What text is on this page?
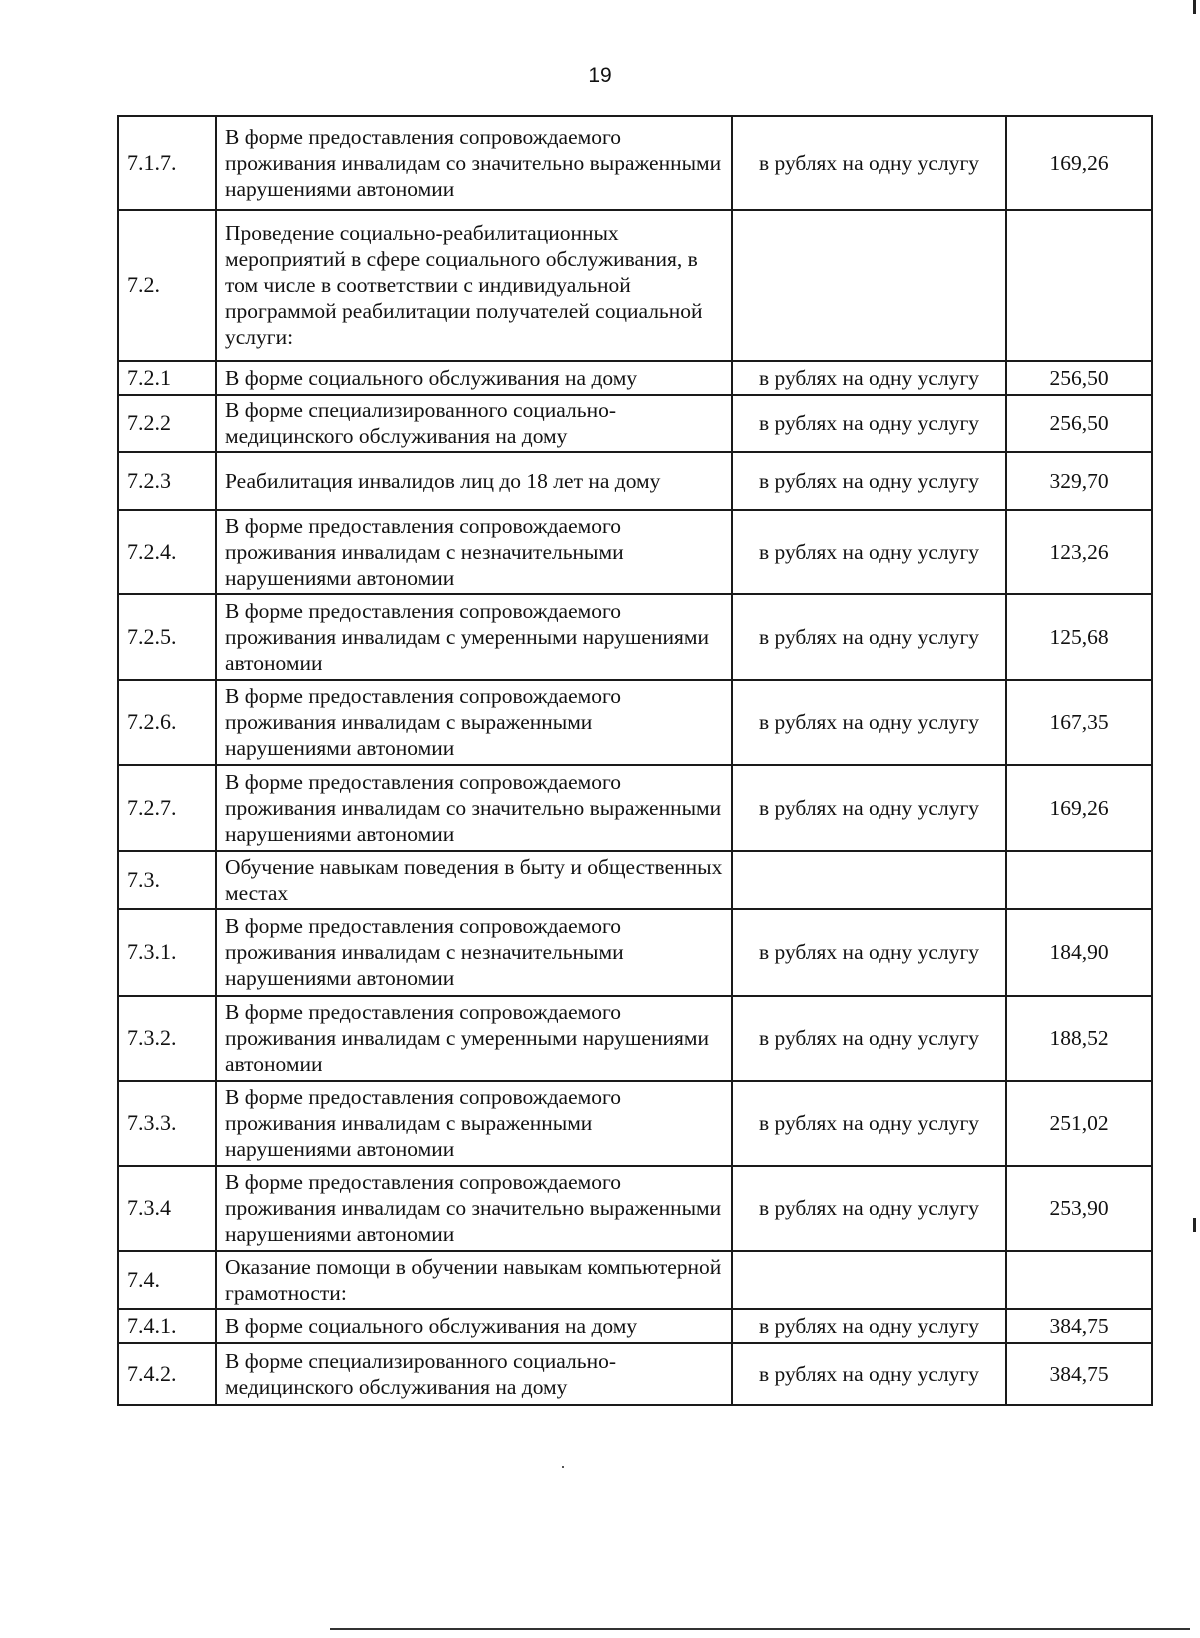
19
7.1.7.	В форме предоставления сопровождаемого проживания инвалидам со значительно выраженными нарушениями автономии	в рублях на одну услугу	169,26
7.2.	Проведение социально-реабилитационных мероприятий в сфере социального обслуживания, в том числе в соответствии с индивидуальной программой реабилитации получателей социальной услуги:		
7.2.1	В форме социального обслуживания на дому	в рублях на одну услугу	256,50
7.2.2	В форме специализированного социально-медицинского обслуживания на дому	в рублях на одну услугу	256,50
7.2.3	Реабилитация инвалидов лиц до 18 лет на дому	в рублях на одну услугу	329,70
7.2.4.	В форме предоставления сопровождаемого проживания инвалидам с незначительными нарушениями автономии	в рублях на одну услугу	123,26
7.2.5.	В форме предоставления сопровождаемого проживания инвалидам с умеренными нарушениями автономии	в рублях на одну услугу	125,68
7.2.6.	В форме предоставления сопровождаемого проживания инвалидам с выраженными нарушениями автономии	в рублях на одну услугу	167,35
7.2.7.	В форме предоставления сопровождаемого проживания инвалидам со значительно выраженными нарушениями автономии	в рублях на одну услугу	169,26
7.3.	Обучение навыкам поведения в быту и общественных местах		
7.3.1.	В форме предоставления сопровождаемого проживания инвалидам с незначительными нарушениями автономии	в рублях на одну услугу	184,90
7.3.2.	В форме предоставления сопровождаемого проживания инвалидам с умеренными нарушениями автономии	в рублях на одну услугу	188,52
7.3.3.	В форме предоставления сопровождаемого проживания инвалидам с выраженными нарушениями автономии	в рублях на одну услугу	251,02
7.3.4	В форме предоставления сопровождаемого проживания инвалидам со значительно выраженными нарушениями автономии	в рублях на одну услугу	253,90
7.4.	Оказание помощи в обучении навыкам компьютерной грамотности:		
7.4.1.	В форме социального обслуживания на дому	в рублях на одну услугу	384,75
7.4.2.	В форме специализированного социально-медицинского обслуживания на дому	в рублях на одну услугу	384,75
